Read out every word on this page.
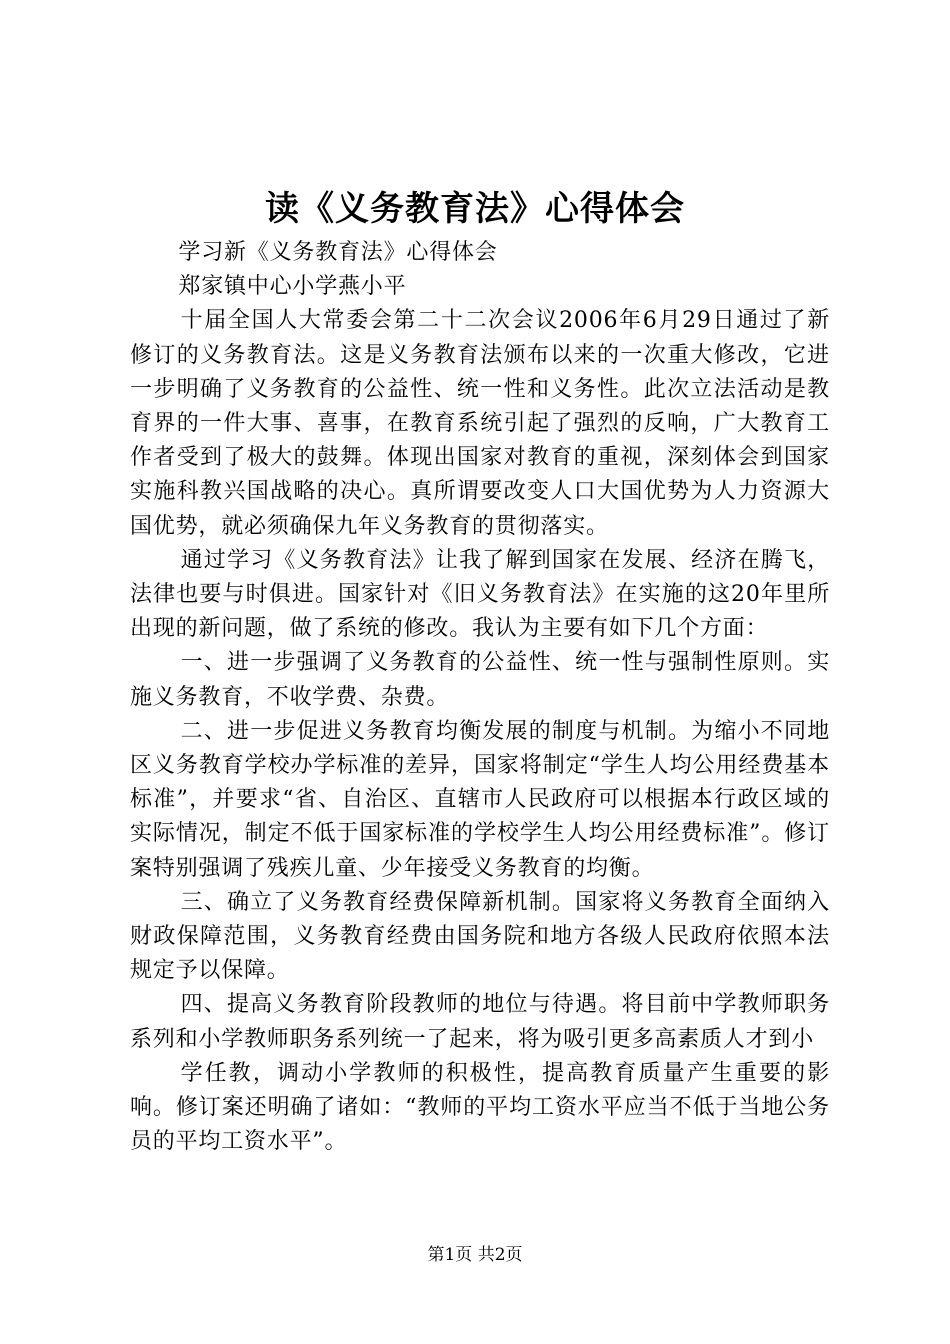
读《义务教育法》心得体会

学习新《义务教育法》心得体会

郑家镇中心小学燕小平

十届全国人大常委会第二十二次会议2006年6月29日通过了新修订的义务教育法。这是义务教育法颁布以来的一次重大修改，它进一步明确了义务教育的公益性、统一性和义务性。此次立法活动是教育界的一件大事、喜事，在教育系统引起了强烈的反响，广大教育工作者受到了极大的鼓舞。体现出国家对教育的重视，深刻体会到国家实施科教兴国战略的决心。真所谓要改变人口大国优势为人力资源大国优势，就必须确保九年义务教育的贯彻落实。

通过学习《义务教育法》让我了解到国家在发展、经济在腾飞，法律也要与时俱进。国家针对《旧义务教育法》在实施的这20年里所出现的新问题，做了系统的修改。我认为主要有如下几个方面：

一、进一步强调了义务教育的公益性、统一性与强制性原则。实施义务教育，不收学费、杂费。

二、进一步促进义务教育均衡发展的制度与机制。为缩小不同地区义务教育学校办学标准的差异，国家将制定“学生人均公用经费基本标准”，并要求“省、自治区、直辖市人民政府可以根据本行政区域的实际情况，制定不低于国家标准的学校学生人均公用经费标准”。修订案特别强调了残疾儿童、少年接受义务教育的均衡。

三、确立了义务教育经费保障新机制。国家将义务教育全面纳入财政保障范围，义务教育经费由国务院和地方各级人民政府依照本法规定予以保障。

四、提高义务教育阶段教师的地位与待遇。将目前中学教师职务系列和小学教师职务系列统一了起来，将为吸引更多高素质人才到小

学任教，调动小学教师的积极性，提高教育质量产生重要的影响。修订案还明确了诸如：“教师的平均工资水平应当不低于当地公务员的平均工资水平”。

第1页 共2页
